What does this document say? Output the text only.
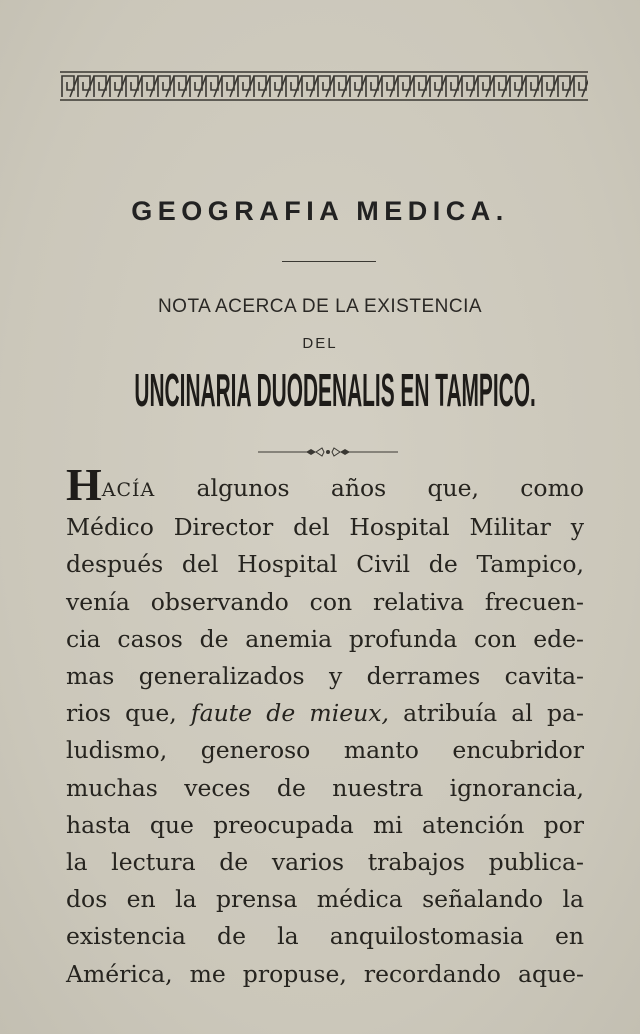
GEOGRAFIA MEDICA.
NOTA ACERCA DE LA EXISTENCIA
DEL
UNCINARIA DUODENALIS EN TAMPICO.
HACÍA algunos años que, como
Médico Director del Hospital Militar y
después del Hospital Civil de Tampico,
venía observando con relativa frecuen-
cia casos de anemia profunda con ede-
mas generalizados y derrames cavita-
rios que, faute de mieux, atribuía al pa-
ludismo, generoso manto encubridor
muchas veces de nuestra ignorancia,
hasta que preocupada mi atención por
la lectura de varios trabajos publica-
dos en la prensa médica señalando la
existencia de la anquilostomasia en
América, me propuse, recordando aque-
